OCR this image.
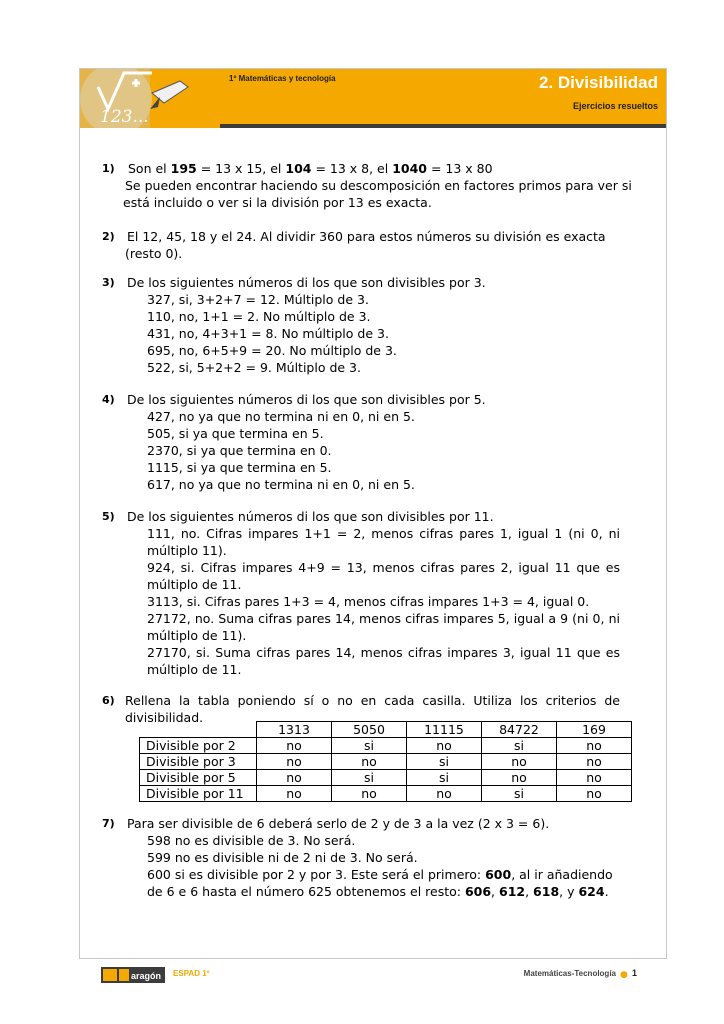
123...
1º Matemáticas y tecnología	2. Divisibilidad
Ejercicios resueltos
1) Son el 195 = 13 x 15, el 104 = 13 x 8, el 1040 = 13 x 80
Se pueden encontrar haciendo su descomposición en factores primos para ver si
está incluido o ver si la división por 13 es exacta.
2) El 12, 45, 18 y el 24. Al dividir 360 para estos números su división es exacta
(resto 0).
3) De los siguientes números di los que son divisibles por 3.
327, si, 3+2+7 = 12. Múltiplo de 3.
110, no, 1+1 = 2. No múltiplo de 3.
431, no, 4+3+1 = 8. No múltiplo de 3.
695, no, 6+5+9 = 20. No múltiplo de 3.
522, si, 5+2+2 = 9. Múltiplo de 3.
4) De los siguientes números di los que son divisibles por 5.
427, no ya que no termina ni en 0, ni en 5.
505, si ya que termina en 5.
2370, si ya que termina en 0.
1115, si ya que termina en 5.
617, no ya que no termina ni en 0, ni en 5.
5) De los siguientes números di los que son divisibles por 11.
111, no. Cifras impares 1+1 = 2, menos cifras pares 1, igual 1 (ni 0, ni múltiplo 11).
924, si. Cifras impares 4+9 = 13, menos cifras pares 2, igual 11 que es múltiplo de 11.
3113, si. Cifras pares 1+3 = 4, menos cifras impares 1+3 = 4, igual 0.
27172, no. Suma cifras pares 14, menos cifras impares 5, igual a 9 (ni 0, ni múltiplo de 11).
27170, si. Suma cifras pares 14, menos cifras impares 3, igual 11 que es múltiplo de 11.
6) Rellena la tabla poniendo sí o no en cada casilla. Utiliza los criterios de divisibilidad.
	1313	5050	11115	84722	169
Divisible por 2	no	si	no	si	no
Divisible por 3	no	no	si	no	no
Divisible por 5	no	si	si	no	no
Divisible por 11	no	no	no	si	no
7) Para ser divisible de 6 deberá serlo de 2 y de 3 a la vez (2 x 3 = 6).
598 no es divisible de 3. No será.
599 no es divisible ni de 2 ni de 3. No será.
600 si es divisible por 2 y por 3. Este será el primero: 600, al ir añadiendo
de 6 e 6 hasta el número 625 obtenemos el resto: 606, 612, 618, y 624.
aragón ESPAD 1º	Matemáticas-Tecnología ● 1
